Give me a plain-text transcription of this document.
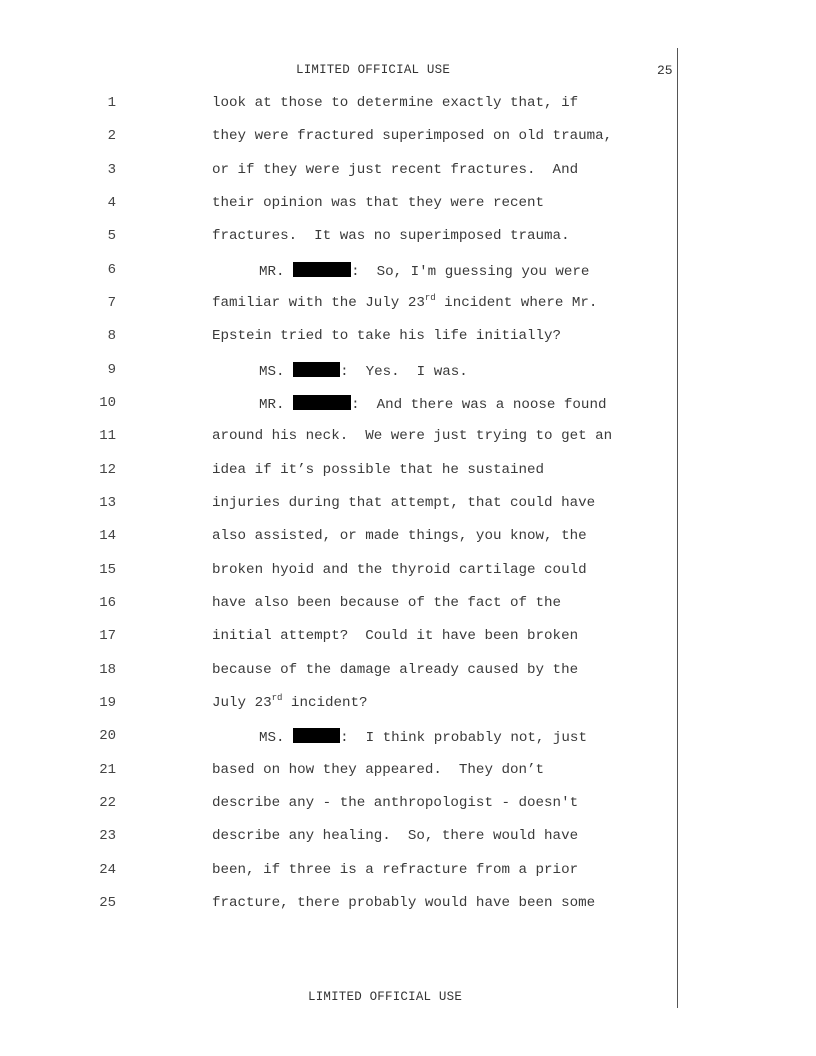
LIMITED OFFICIAL USE	25
1	look at those to determine exactly that, if
2	they were fractured superimposed on old trauma,
3	or if they were just recent fractures.  And
4	their opinion was that they were recent
5	fractures.  It was no superimposed trauma.
6	MR.	:  So, I'm guessing you were
7	familiar with the July 23rd incident where Mr.
8	Epstein tried to take his life initially?
9	MS.	:  Yes.  I was.
10	MR.	:  And there was a noose found
11	around his neck.  We were just trying to get an
12	idea if it’s possible that he sustained
13	injuries during that attempt, that could have
14	also assisted, or made things, you know, the
15	broken hyoid and the thyroid cartilage could
16	have also been because of the fact of the
17	initial attempt?  Could it have been broken
18	because of the damage already caused by the
19	July 23rd incident?
20	MS.	:  I think probably not, just
21	based on how they appeared.  They don’t
22	describe any - the anthropologist - doesn't
23	describe any healing.  So, there would have
24	been, if three is a refracture from a prior
25	fracture, there probably would have been some
LIMITED OFFICIAL USE
